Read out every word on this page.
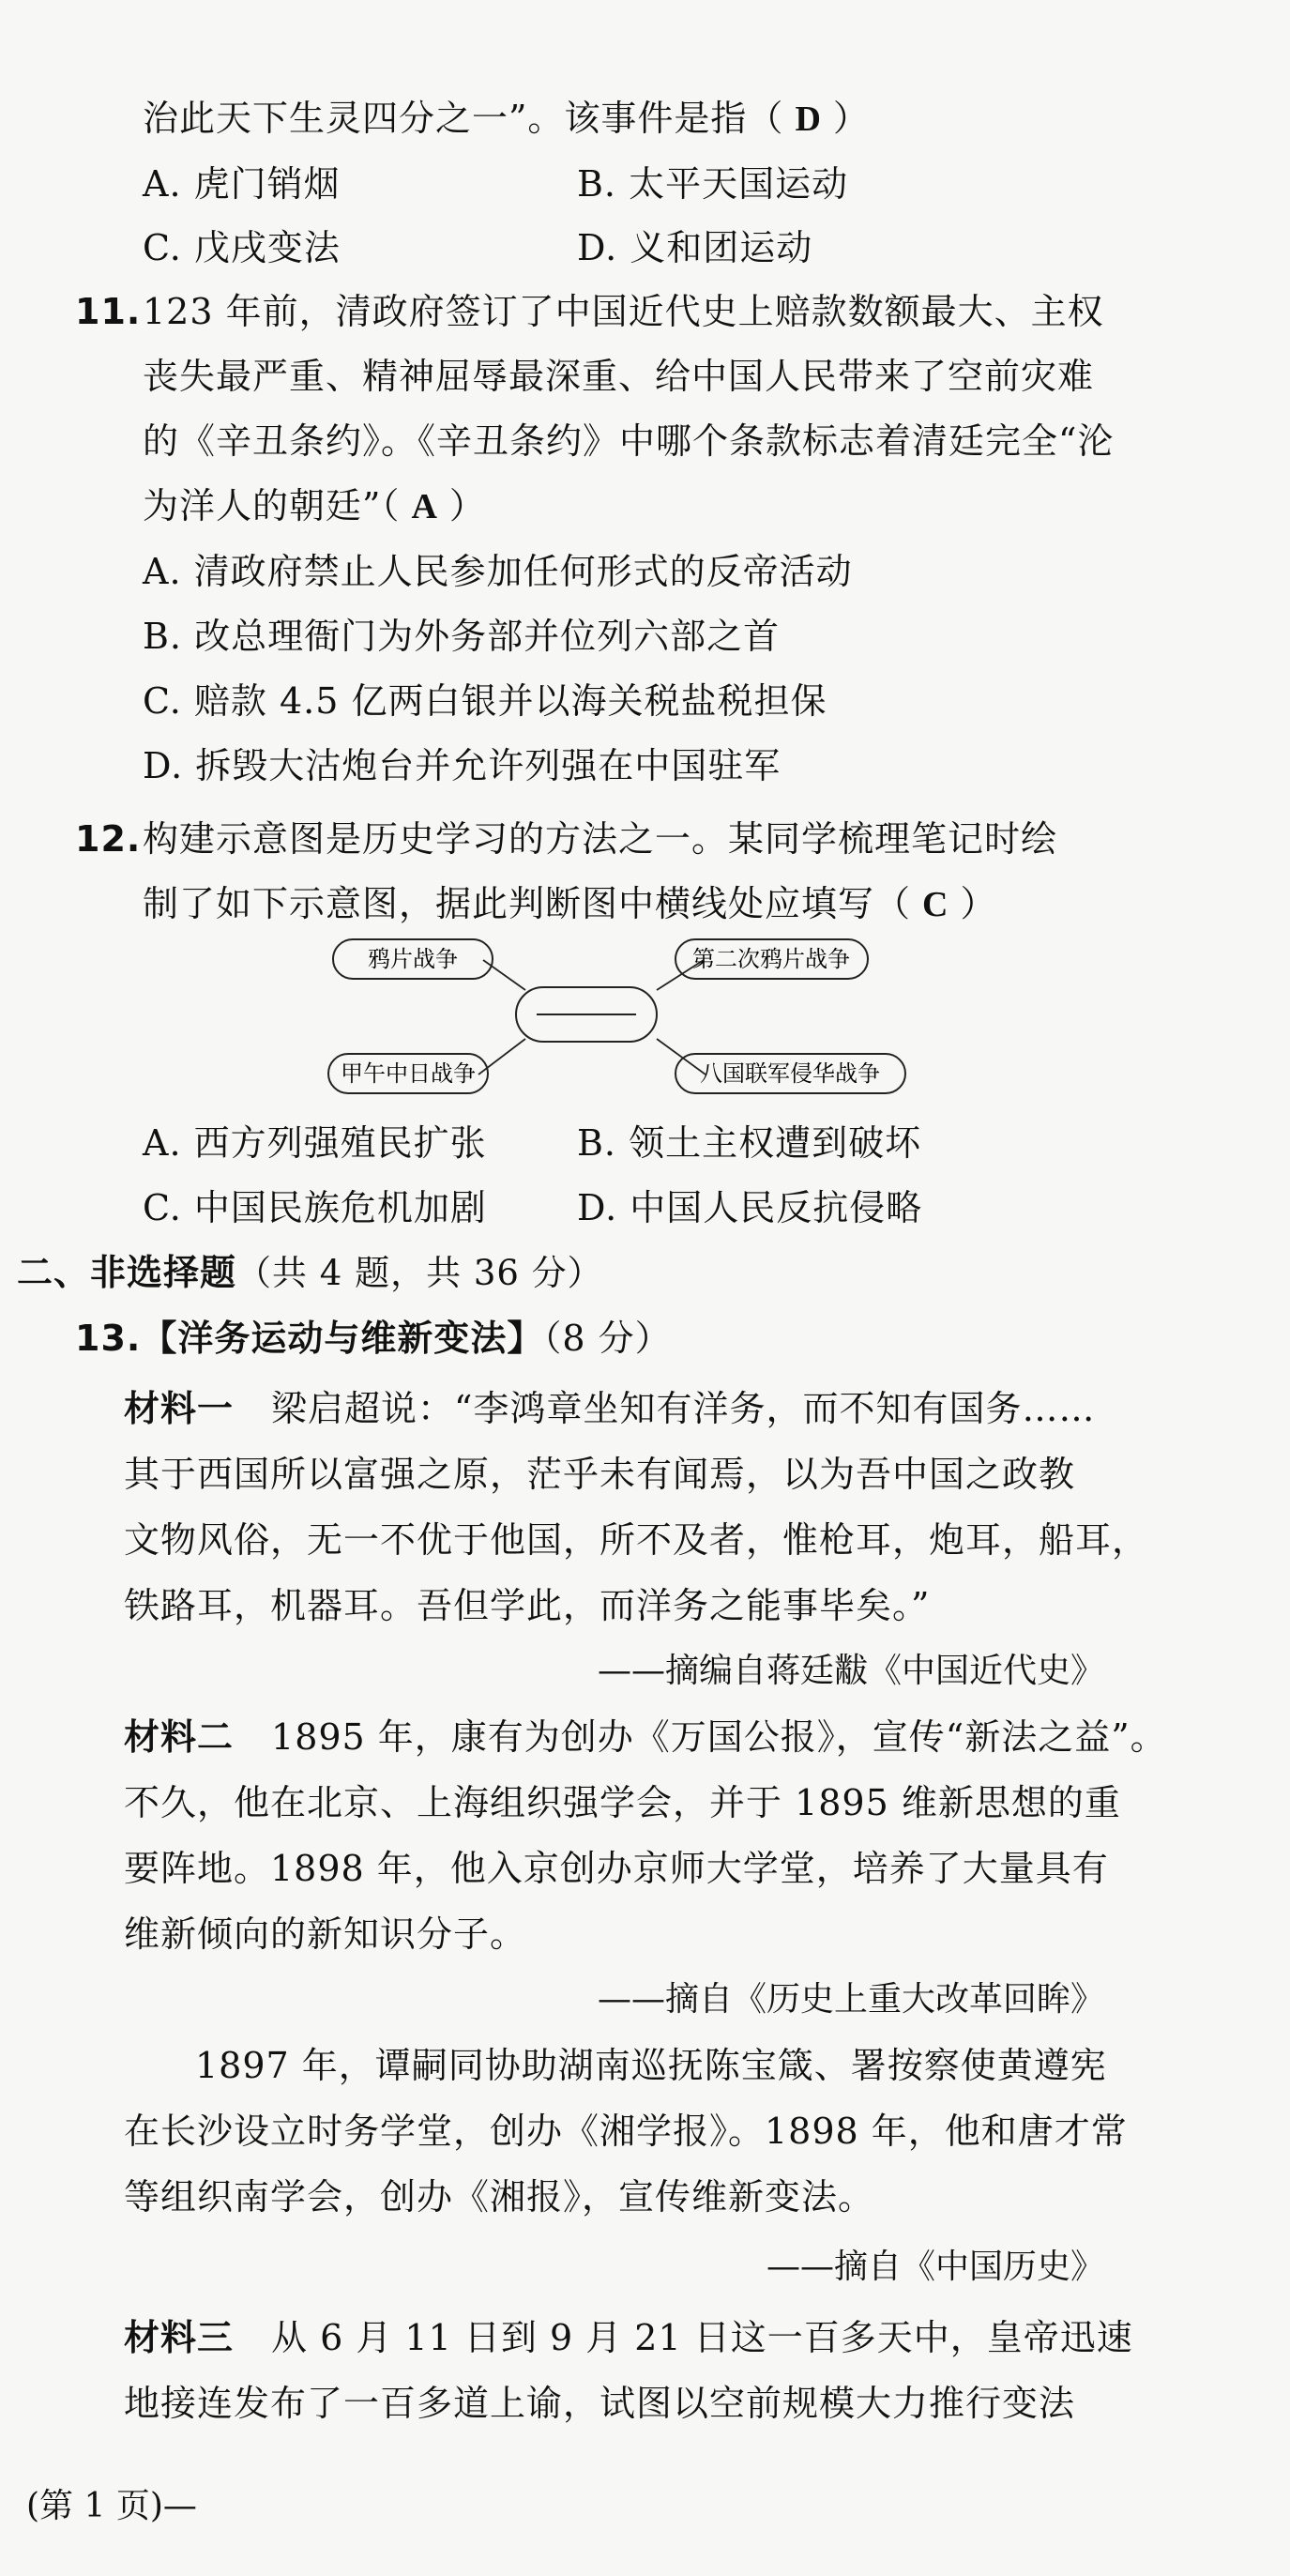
治此天下生灵四分之一”。该事件是指（ D ）
A. 虎门销烟	B. 太平天国运动
C. 戊戌变法	D. 义和团运动
11. 123 年前，清政府签订了中国近代史上赔款数额最大、主权
丧失最严重、精神屈辱最深重、给中国人民带来了空前灾难
的《辛丑条约》。《辛丑条约》中哪个条款标志着清廷完全“沦
为洋人的朝廷”（ A ）
A. 清政府禁止人民参加任何形式的反帝活动
B. 改总理衙门为外务部并位列六部之首
C. 赔款 4.5 亿两白银并以海关税盐税担保
D. 拆毁大沽炮台并允许列强在中国驻军
12. 构建示意图是历史学习的方法之一。某同学梳理笔记时绘
制了如下示意图，据此判断图中横线处应填写（ C ）
鸦片战争	第二次鸦片战争
甲午中日战争	八国联军侵华战争
A. 西方列强殖民扩张	B. 领土主权遭到破坏
C. 中国民族危机加剧	D. 中国人民反抗侵略
二、非选择题（共 4 题，共 36 分）
13.【洋务运动与维新变法】（8 分）
材料一 梁启超说：“李鸿章坐知有洋务，而不知有国务……
其于西国所以富强之原，茫乎未有闻焉，以为吾中国之政教
文物风俗，无一不优于他国，所不及者，惟枪耳，炮耳，船耳，
铁路耳，机器耳。吾但学此，而洋务之能事毕矣。”
——摘编自蒋廷黻《中国近代史》
材料二 1895 年，康有为创办《万国公报》，宣传“新法之益”。
不久，他在北京、上海组织强学会，并于 1895 维新思想的重
要阵地。1898 年，他入京创办京师大学堂，培养了大量具有
维新倾向的新知识分子。
——摘自《历史上重大改革回眸》
1897 年，谭嗣同协助湖南巡抚陈宝箴、署按察使黄遵宪
在长沙设立时务学堂，创办《湘学报》。1898 年，他和唐才常
等组织南学会，创办《湘报》，宣传维新变法。
——摘自《中国历史》
材料三 从 6 月 11 日到 9 月 21 日这一百多天中，皇帝迅速
地接连发布了一百多道上谕，试图以空前规模大力推行变法
(第 1 页)—
